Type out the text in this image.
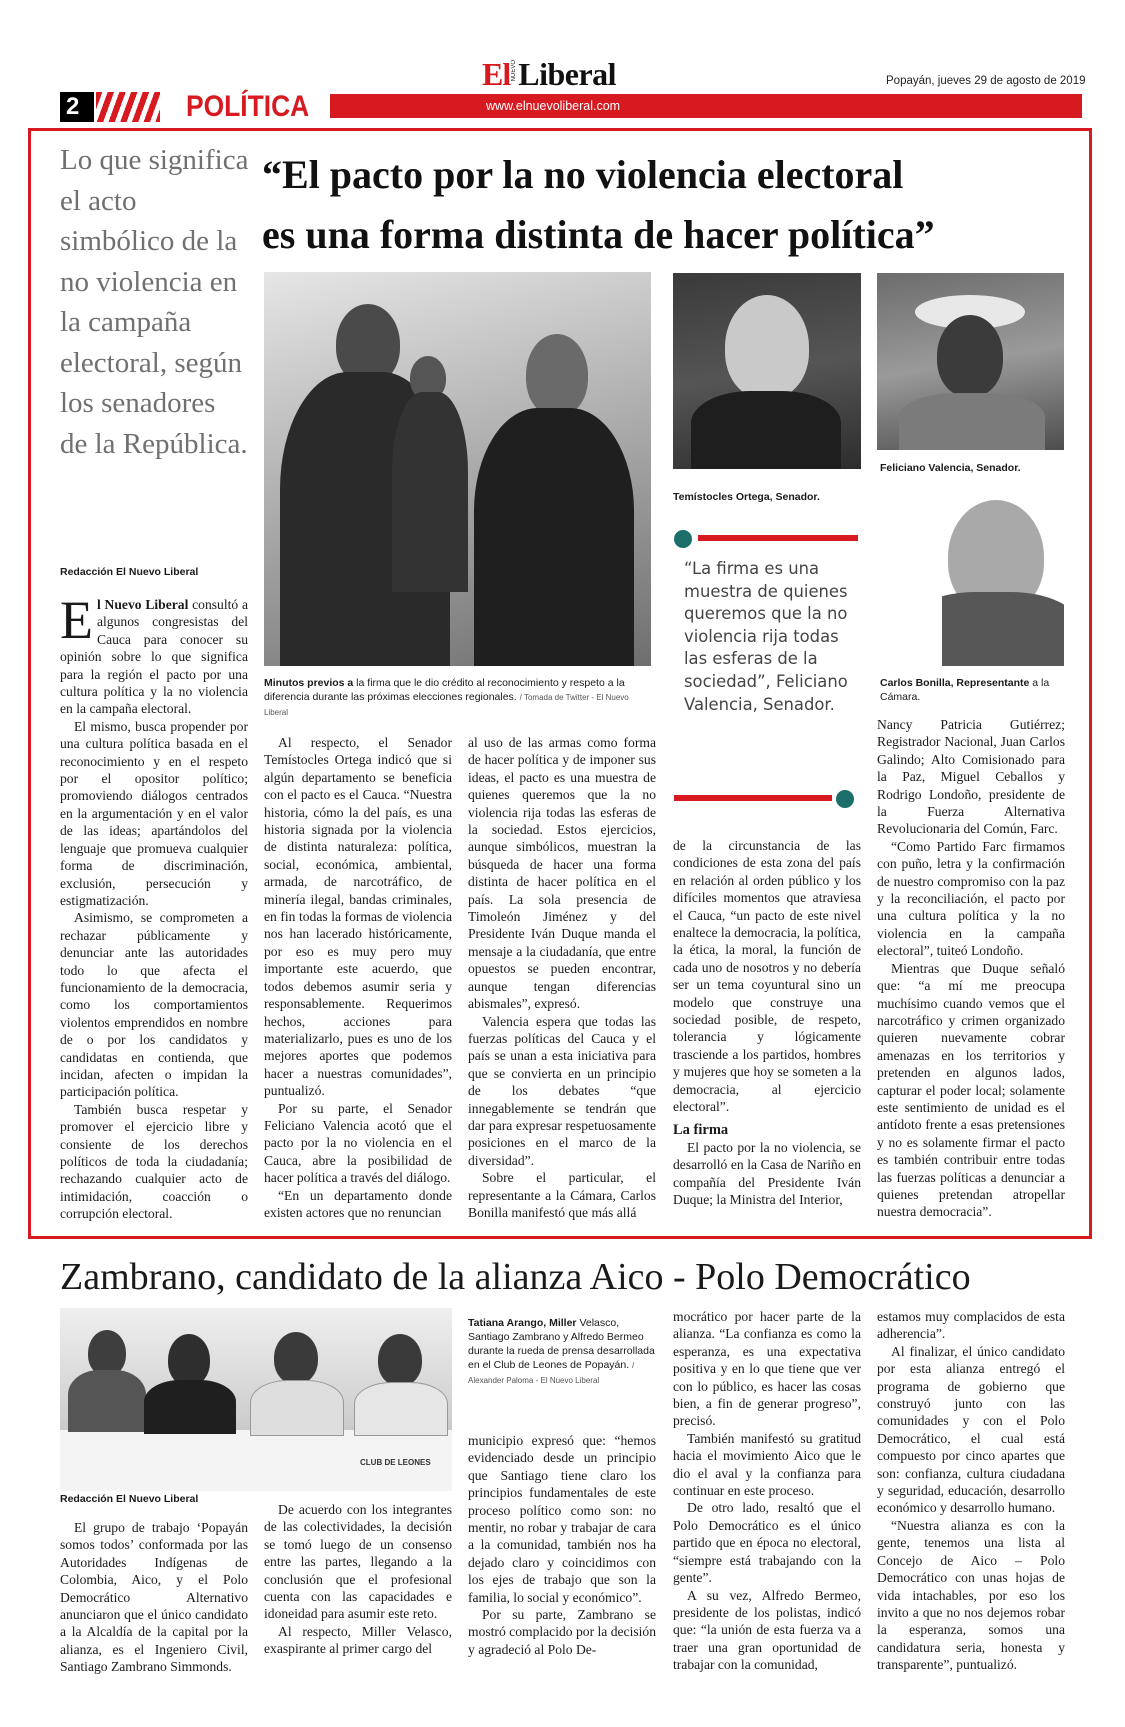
2	POLÍTICA	www.elnuevoliberal.com
ElNUEVOLiberal	Popayán, jueves 29 de agosto de 2019
Lo que significa el acto simbólico de la no violencia en la campaña electoral, según los senadores de la República.
“El pacto por la no violencia electoral
es una forma distinta de hacer política”
Minutos previos a la firma que le dio crédito al reconocimiento y respeto a la diferencia durante las próximas elecciones regionales. / Tomada de Twitter - El Nuevo Liberal
Temístocles Ortega, Senador.
Feliciano Valencia, Senador.
Carlos Bonilla, Representante a la Cámara.
“La firma es una muestra de quienes queremos que la no violencia rija todas las esferas de la sociedad”, Feliciano Valencia, Senador.
Redacción El Nuevo Liberal

El Nuevo Liberal consultó a algunos congresistas del Cauca para conocer su opinión sobre lo que significa para la región el pacto por una cultura política y la no violencia en la campaña electoral.

El mismo, busca propender por una cultura política basada en el reconocimiento y en el respeto por el opositor político; promoviendo diálogos centrados en la argumentación y en el valor de las ideas; apartándolos del lenguaje que promueva cualquier forma de discriminación, exclusión, persecución y estigmatización.

Asimismo, se comprometen a rechazar públicamente y denunciar ante las autoridades todo lo que afecta el funcionamiento de la democracia, como los comportamientos violentos emprendidos en nombre de o por los candidatos y candidatas en contienda, que incidan, afecten o impidan la participación política.

También busca respetar y promover el ejercicio libre y consiente de los derechos políticos de toda la ciudadanía; rechazando cualquier acto de intimidación, coacción o corrupción electoral.

Al respecto, el Senador Temístocles Ortega indicó que si algún departamento se beneficia con el pacto es el Cauca. “Nuestra historia, cómo la del país, es una historia signada por la violencia de distinta naturaleza: política, social, económica, ambiental, armada, de narcotráfico, de minería ilegal, bandas criminales, en fin todas la formas de violencia nos han lacerado históricamente, por eso es muy pero muy importante este acuerdo, que todos debemos asumir seria y responsablemente. Requerimos hechos, acciones para materializarlo, pues es uno de los mejores aportes que podemos hacer a nuestras comunidades”, puntualizó.

Por su parte, el Senador Feliciano Valencia acotó que el pacto por la no violencia en el Cauca, abre la posibilidad de hacer política a través del diálogo.

“En un departamento donde existen actores que no renuncian

al uso de las armas como forma de hacer política y de imponer sus ideas, el pacto es una muestra de quienes queremos que la no violencia rija todas las esferas de la sociedad. Estos ejercicios, aunque simbólicos, muestran la búsqueda de hacer una forma distinta de hacer política en el país. La sola presencia de Timoleón Jiménez y del Presidente Iván Duque manda el mensaje a la ciudadanía, que entre opuestos se pueden encontrar, aunque tengan diferencias abismales”, expresó.

Valencia espera que todas las fuerzas políticas del Cauca y el país se unan a esta iniciativa para que se convierta en un principio de los debates “que innegablemente se tendrán que dar para expresar respetuosamente posiciones en el marco de la diversidad”.

Sobre el particular, el representante a la Cámara, Carlos Bonilla manifestó que más allá

de la circunstancia de las condiciones de esta zona del país en relación al orden público y los difíciles momentos que atraviesa el Cauca, “un pacto de este nivel enaltece la democracia, la política, la ética, la moral, la función de cada uno de nosotros y no debería ser un tema coyuntural sino un modelo que construye una sociedad posible, de respeto, tolerancia y lógicamente trasciende a los partidos, hombres y mujeres que hoy se someten a la democracia, al ejercicio electoral”.

La firma

El pacto por la no violencia, se desarrolló en la Casa de Nariño en compañía del Presidente Iván Duque; la Ministra del Interior,

Nancy Patricia Gutiérrez; Registrador Nacional, Juan Carlos Galindo; Alto Comisionado para la Paz, Miguel Ceballos y Rodrigo Londoño, presidente de la Fuerza Alternativa Revolucionaria del Común, Farc.

“Como Partido Farc firmamos con puño, letra y la confirmación de nuestro compromiso con la paz y la reconciliación, el pacto por una cultura política y la no violencia en la campaña electoral”, tuiteó Londoño.

Mientras que Duque señaló que: “a mí me preocupa muchísimo cuando vemos que el narcotráfico y crimen organizado quieren nuevamente cobrar amenazas en los territorios y pretenden en algunos lados, capturar el poder local; solamente este sentimiento de unidad es el antídoto frente a esas pretensiones y no es solamente firmar el pacto es también contribuir entre todas las fuerzas políticas a denunciar a quienes pretendan atropellar nuestra democracia”.

Zambrano, candidato de la alianza Aico - Polo Democrático
CLUB DE LEONES
Tatiana Arango, Miller Velasco, Santiago Zambrano y Alfredo Bermeo durante la rueda de prensa desarrollada en el Club de Leones de Popayán. / Alexander Paloma - El Nuevo Liberal
Redacción El Nuevo Liberal

El grupo de trabajo ‘Popayán somos todos’ conformada por las Autoridades Indígenas de Colombia, Aico, y el Polo Democrático Alternativo anunciaron que el único candidato a la Alcaldía de la capital por la alianza, es el Ingeniero Civil, Santiago Zambrano Simmonds.

De acuerdo con los integrantes de las colectividades, la decisión se tomó luego de un consenso entre las partes, llegando a la conclusión que el profesional cuenta con las capacidades e idoneidad para asumir este reto.

Al respecto, Miller Velasco, exaspirante al primer cargo del

municipio expresó que: “hemos evidenciado desde un principio que Santiago tiene claro los principios fundamentales de este proceso político como son: no mentir, no robar y trabajar de cara a la comunidad, también nos ha dejado claro y coincidimos con los ejes de trabajo que son la familia, lo social y económico”.

Por su parte, Zambrano se mostró complacido por la decisión y agradeció al Polo De-

mocrático por hacer parte de la alianza. “La confianza es como la esperanza, es una expectativa positiva y en lo que tiene que ver con lo público, es hacer las cosas bien, a fin de generar progreso”, precisó.

También manifestó su gratitud hacia el movimiento Aico que le dio el aval y la confianza para continuar en este proceso.

De otro lado, resaltó que el Polo Democrático es el único partido que en época no electoral, “siempre está trabajando con la gente”.

A su vez, Alfredo Bermeo, presidente de los polistas, indicó que: “la unión de esta fuerza va a traer una gran oportunidad de trabajar con la comunidad,

estamos muy complacidos de esta adherencia”.

Al finalizar, el único candidato por esta alianza entregó el programa de gobierno que construyó junto con las comunidades y con el Polo Democrático, el cual está compuesto por cinco apartes que son: confianza, cultura ciudadana y seguridad, educación, desarrollo económico y desarrollo humano.

“Nuestra alianza es con la gente, tenemos una lista al Concejo de Aico – Polo Democrático con unas hojas de vida intachables, por eso los invito a que no nos dejemos robar la esperanza, somos una candidatura seria, honesta y transparente”, puntualizó.
